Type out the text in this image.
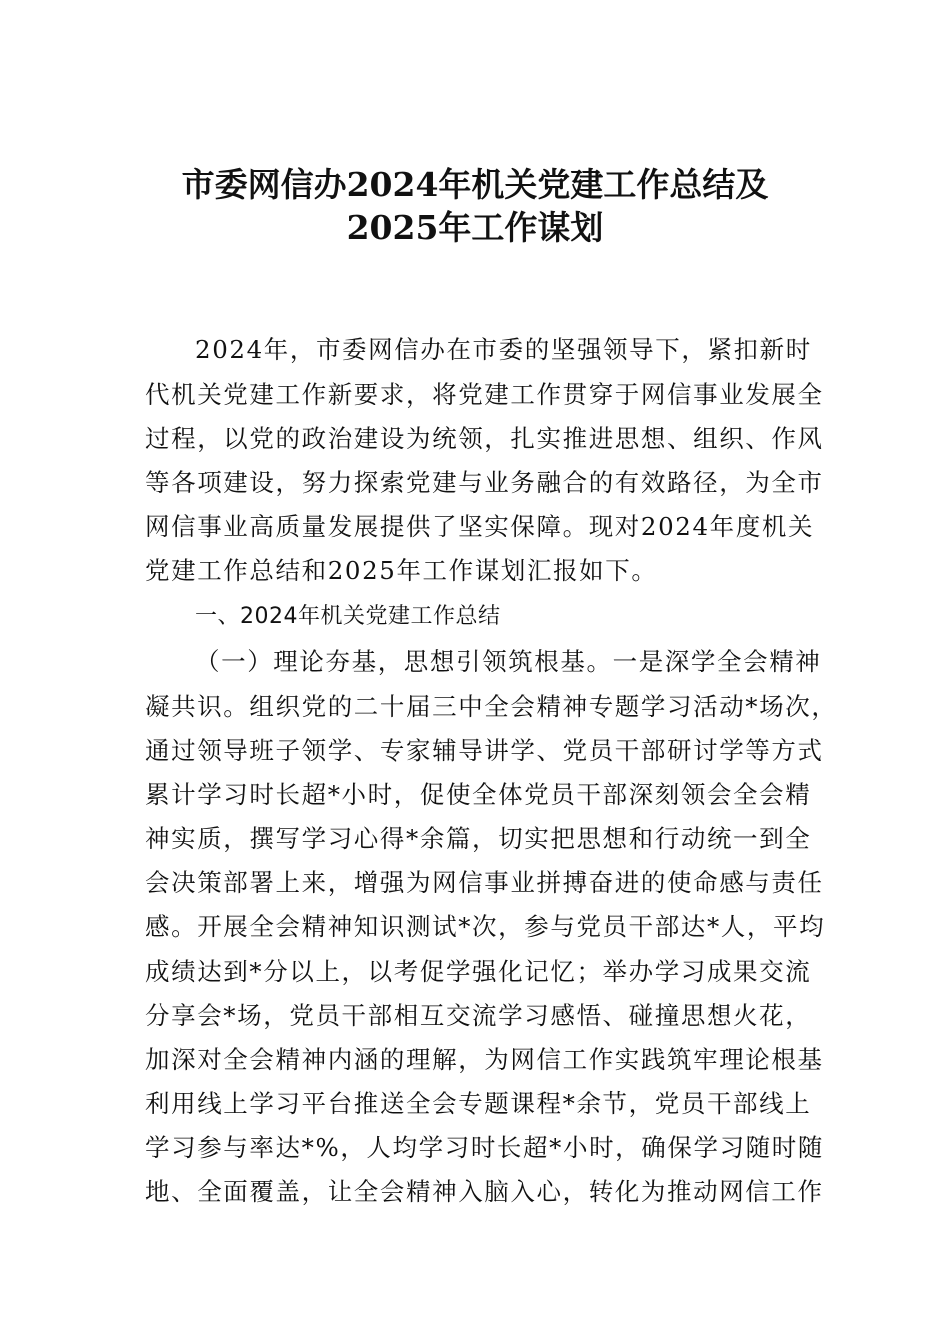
市委网信办2024年机关党建工作总结及
2025年工作谋划
2024年，市委网信办在市委的坚强领导下，紧扣新时
代机关党建工作新要求，将党建工作贯穿于网信事业发展全
过程，以党的政治建设为统领，扎实推进思想、组织、作风
等各项建设，努力探索党建与业务融合的有效路径，为全市
网信事业高质量发展提供了坚实保障。现对2024年度机关
党建工作总结和2025年工作谋划汇报如下。
一、2024年机关党建工作总结
（一）理论夯基，思想引领筑根基。一是深学全会精神
凝共识。组织党的二十届三中全会精神专题学习活动*场次，
通过领导班子领学、专家辅导讲学、党员干部研讨学等方式
累计学习时长超*小时，促使全体党员干部深刻领会全会精
神实质，撰写学习心得*余篇，切实把思想和行动统一到全
会决策部署上来，增强为网信事业拼搏奋进的使命感与责任
感。开展全会精神知识测试*次，参与党员干部达*人，平均
成绩达到*分以上，以考促学强化记忆；举办学习成果交流
分享会*场，党员干部相互交流学习感悟、碰撞思想火花，
加深对全会精神内涵的理解，为网信工作实践筑牢理论根基
利用线上学习平台推送全会专题课程*余节，党员干部线上
学习参与率达*%，人均学习时长超*小时，确保学习随时随
地、全面覆盖，让全会精神入脑入心，转化为推动网信工作
